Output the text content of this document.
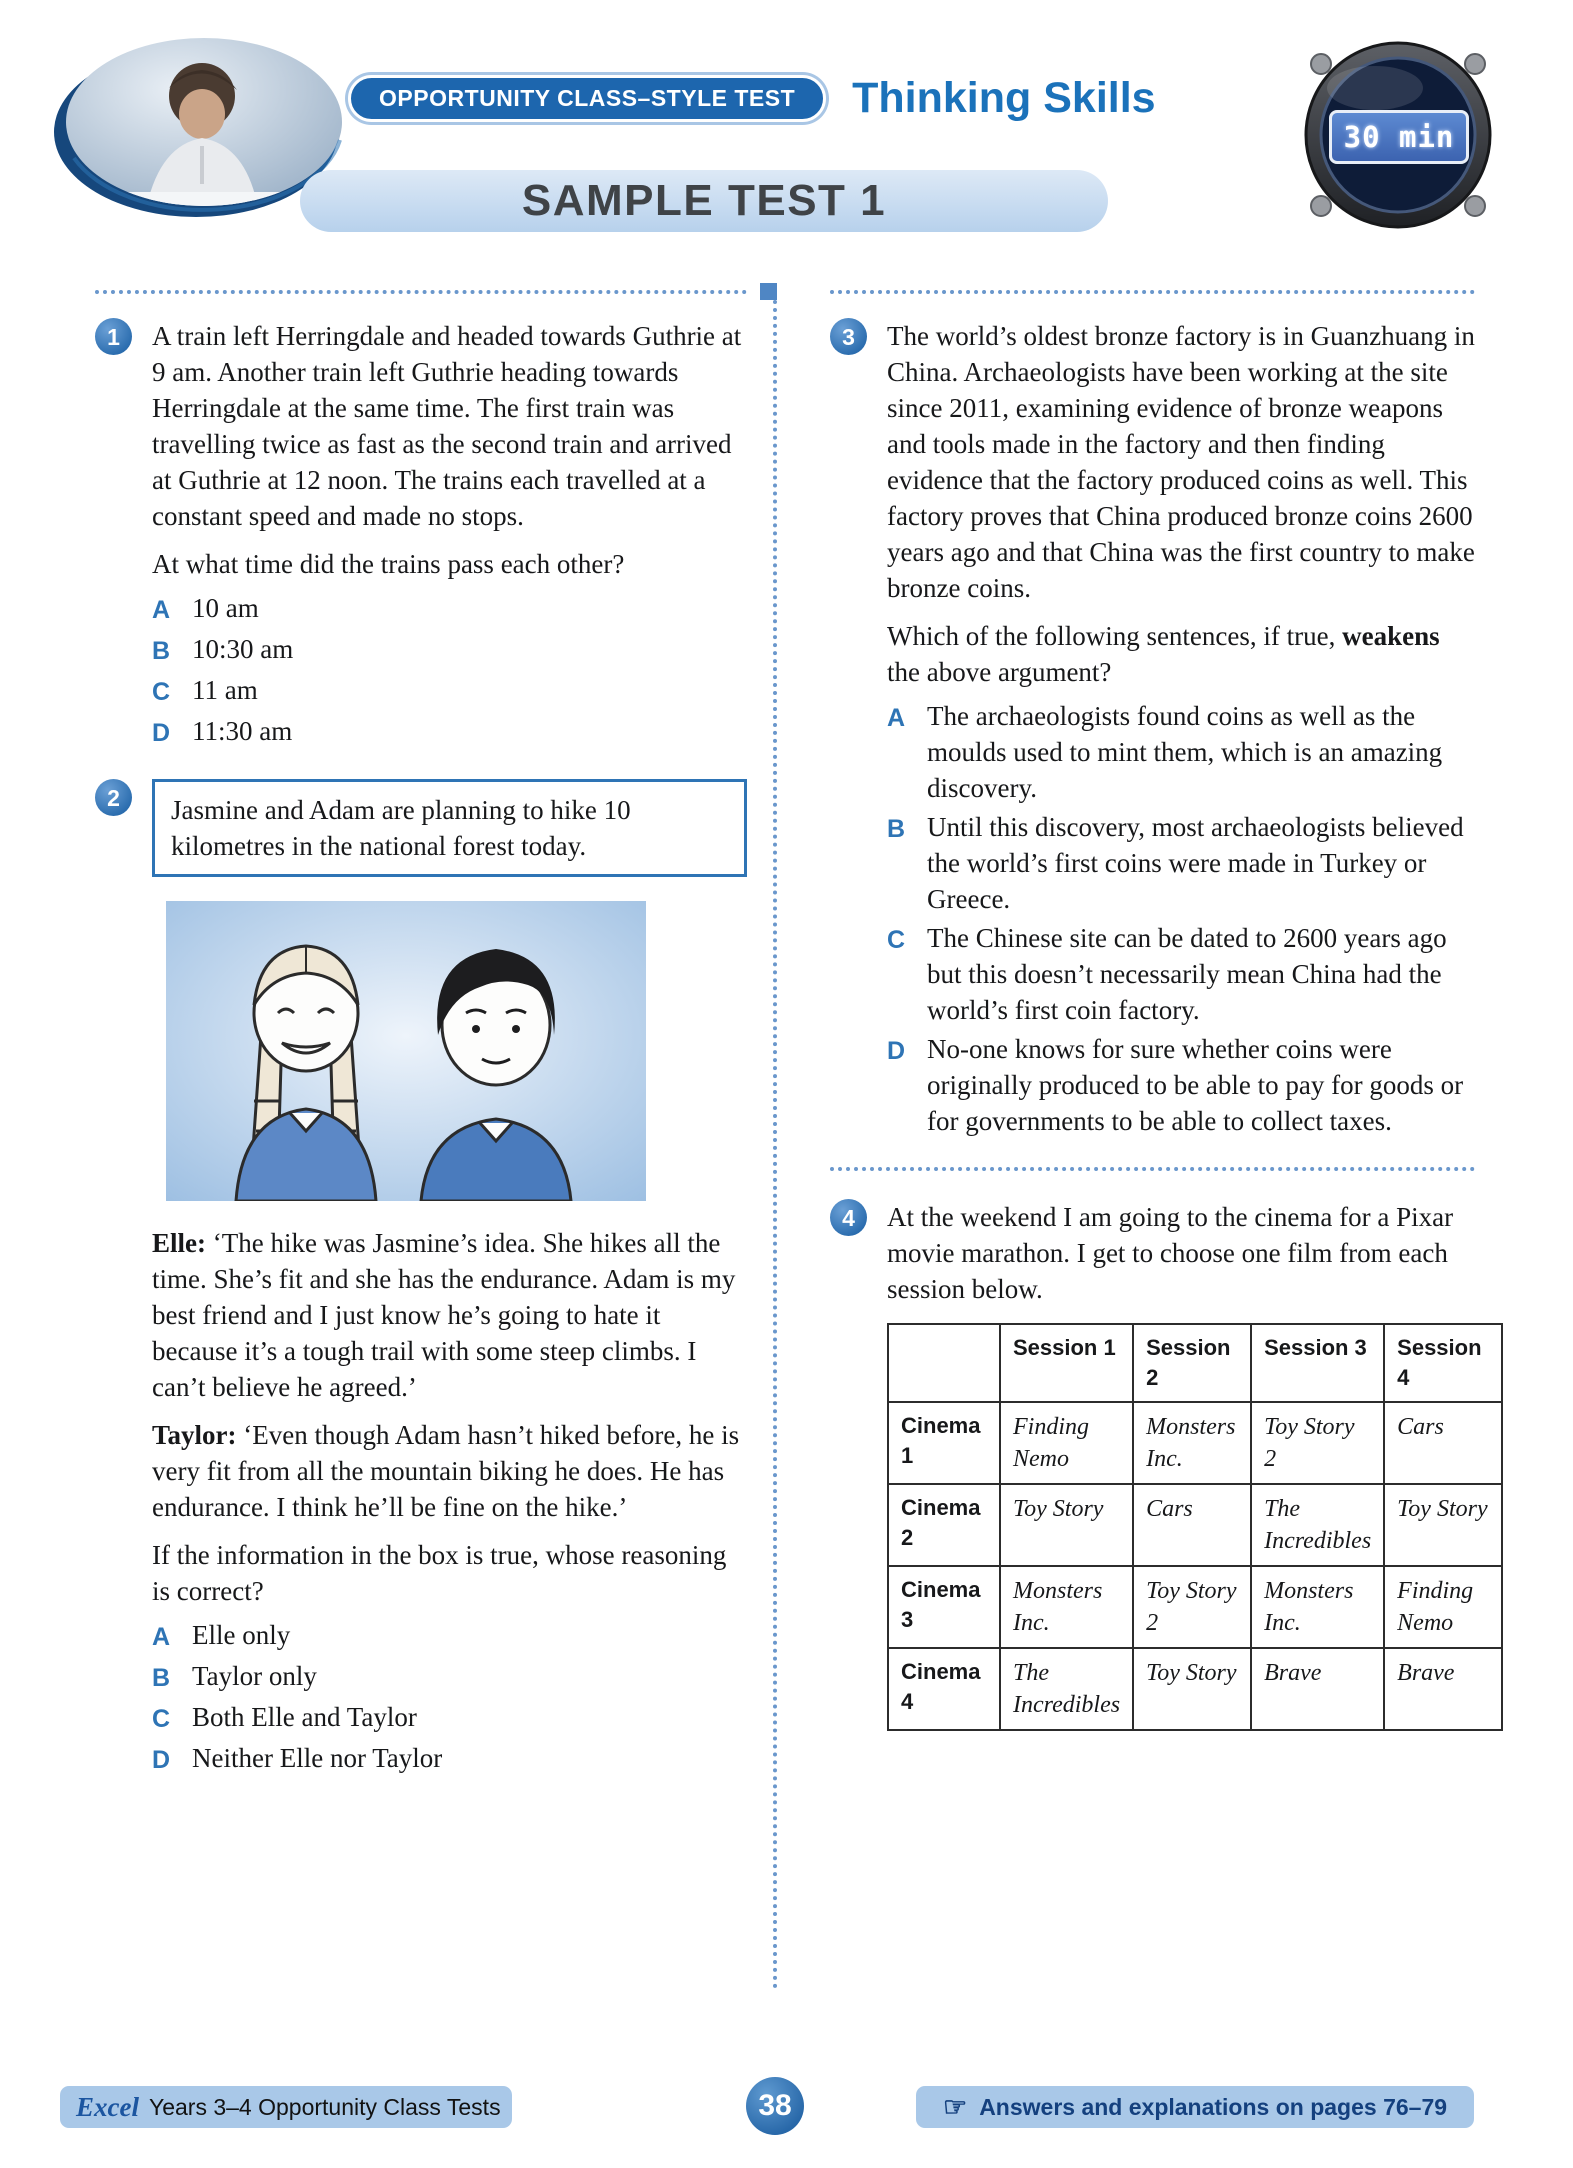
OPPORTUNITY CLASS–STYLE TEST	Thinking Skills
SAMPLE TEST 1
30 min
1	A train left Herringdale and headed towards Guthrie at 9 am. Another train left Guthrie heading towards Herringdale at the same time. The first train was travelling twice as fast as the second train and arrived at Guthrie at 12 noon. The trains each travelled at a constant speed and made no stops.

At what time did the trains pass each other?

A 10 am
B 10:30 am
C 11 am
D 11:30 am
2	Jasmine and Adam are planning to hike 10 kilometres in the national forest today.

Elle: ‘The hike was Jasmine’s idea. She hikes all the time. She’s fit and she has the endurance. Adam is my best friend and I just know he’s going to hate it because it’s a tough trail with some steep climbs. I can’t believe he agreed.’

Taylor: ‘Even though Adam hasn’t hiked before, he is very fit from all the mountain biking he does. He has endurance. I think he’ll be fine on the hike.’

If the information in the box is true, whose reasoning is correct?

A Elle only
B Taylor only
C Both Elle and Taylor
D Neither Elle nor Taylor
3	The world’s oldest bronze factory is in Guanzhuang in China. Archaeologists have been working at the site since 2011, examining evidence of bronze weapons and tools made in the factory and then finding evidence that the factory produced coins as well. This factory proves that China produced bronze coins 2600 years ago and that China was the first country to make bronze coins.

Which of the following sentences, if true, weakens the above argument?

A The archaeologists found coins as well as the moulds used to mint them, which is an amazing discovery.
B Until this discovery, most archaeologists believed the world’s first coins were made in Turkey or Greece.
C The Chinese site can be dated to 2600 years ago but this doesn’t necessarily mean China had the world’s first coin factory.
D No-one knows for sure whether coins were originally produced to be able to pay for goods or for governments to be able to collect taxes.
4	At the weekend I am going to the cinema for a Pixar movie marathon. I get to choose one film from each session below.

	Session 1	Session 2	Session 3	Session 4
Cinema 1	Finding Nemo	Monsters Inc.	Toy Story 2	Cars
Cinema 2	Toy Story	Cars	The Incredibles	Toy Story
Cinema 3	Monsters Inc.	Toy Story 2	Monsters Inc.	Finding Nemo
Cinema 4	The Incredibles	Toy Story	Brave	Brave
Excel Years 3–4 Opportunity Class Tests	38	☞ Answers and explanations on pages 76–79
